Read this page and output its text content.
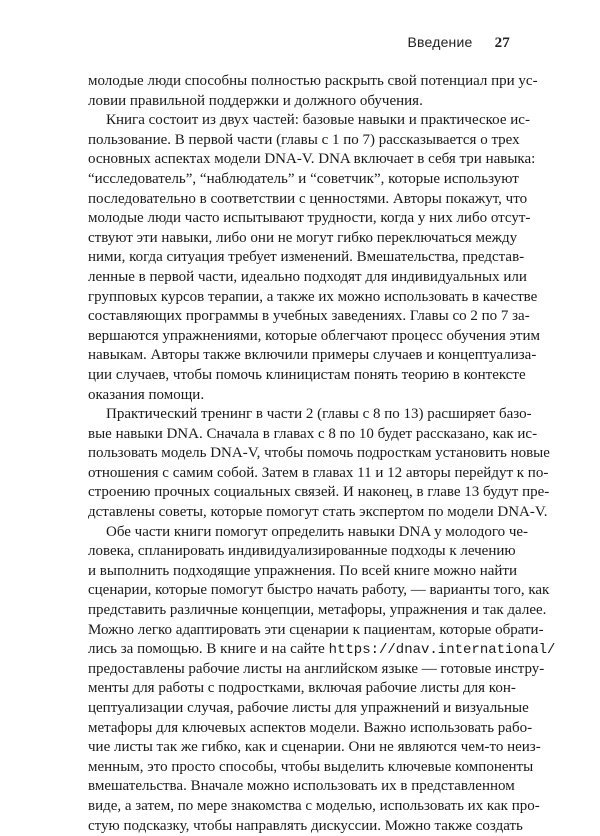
Введение 27
молодые люди способны полностью раскрыть свой потенциал при ус-
ловии правильной поддержки и должного обучения.
Книга состоит из двух частей: базовые навыки и практическое ис-
пользование. В первой части (главы с 1 по 7) рассказывается о трех
основных аспектах модели DNA-V. DNA включает в себя три навыка:
“исследователь”, “наблюдатель” и “советчик”, которые используют
последовательно в соответствии с ценностями. Авторы покажут, что
молодые люди часто испытывают трудности, когда у них либо отсут-
ствуют эти навыки, либо они не могут гибко переключаться между
ними, когда ситуация требует изменений. Вмешательства, представ-
ленные в первой части, идеально подходят для индивидуальных или
групповых курсов терапии, а также их можно использовать в качестве
составляющих программы в учебных заведениях. Главы со 2 по 7 за-
вершаются упражнениями, которые облегчают процесс обучения этим
навыкам. Авторы также включили примеры случаев и концептуализа-
ции случаев, чтобы помочь клиницистам понять теорию в контексте
оказания помощи.
Практический тренинг в части 2 (главы с 8 по 13) расширяет базо-
вые навыки DNA. Сначала в главах с 8 по 10 будет рассказано, как ис-
пользовать модель DNA-V, чтобы помочь подросткам установить новые
отношения с самим собой. Затем в главах 11 и 12 авторы перейдут к по-
строению прочных социальных связей. И наконец, в главе 13 будут пре-
дставлены советы, которые помогут стать экспертом по модели DNA-V.
Обе части книги помогут определить навыки DNA у молодого че-
ловека, спланировать индивидуализированные подходы к лечению
и выполнить подходящие упражнения. По всей книге можно найти
сценарии, которые помогут быстро начать работу, — варианты того, как
представить различные концепции, метафоры, упражнения и так далее.
Можно легко адаптировать эти сценарии к пациентам, которые обрати-
лись за помощью. В книге и на сайте https://dnav.international/
предоставлены рабочие листы на английском языке — готовые инстру-
менты для работы с подростками, включая рабочие листы для кон-
цептуализации случая, рабочие листы для упражнений и визуальные
метафоры для ключевых аспектов модели. Важно использовать рабо-
чие листы так же гибко, как и сценарии. Они не являются чем-то неиз-
менным, это просто способы, чтобы выделить ключевые компоненты
вмешательства. Вначале можно использовать их в представленном
виде, а затем, по мере знакомства с моделью, использовать их как про-
стую подсказку, чтобы направлять дискуссии. Можно также создать
